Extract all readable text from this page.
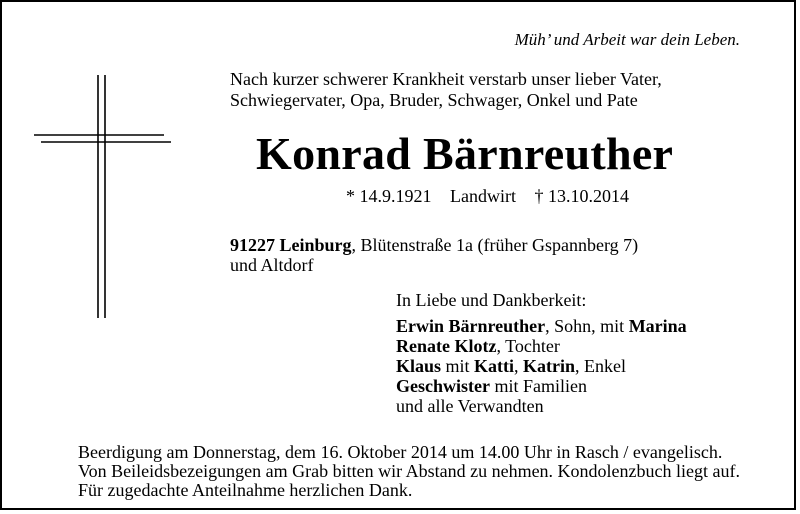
Müh’ und Arbeit war dein Leben.
Nach kurzer schwerer Krankheit verstarb unser lieber Vater,
Schwiegervater, Opa, Bruder, Schwager, Onkel und Pate
Konrad Bärnreuther
* 14.9.1921 Landwirt † 13.10.2014
91227 Leinburg, Blütenstraße 1a (früher Gspannberg 7)
und Altdorf
In Liebe und Dankberkeit:
Erwin Bärnreuther, Sohn, mit Marina
Renate Klotz, Tochter
Klaus mit Katti, Katrin, Enkel
Geschwister mit Familien
und alle Verwandten
Beerdigung am Donnerstag, dem 16. Oktober 2014 um 14.00 Uhr in Rasch / evangelisch.
Von Beileidsbezeigungen am Grab bitten wir Abstand zu nehmen. Kondolenzbuch liegt auf.
Für zugedachte Anteilnahme herzlichen Dank.
